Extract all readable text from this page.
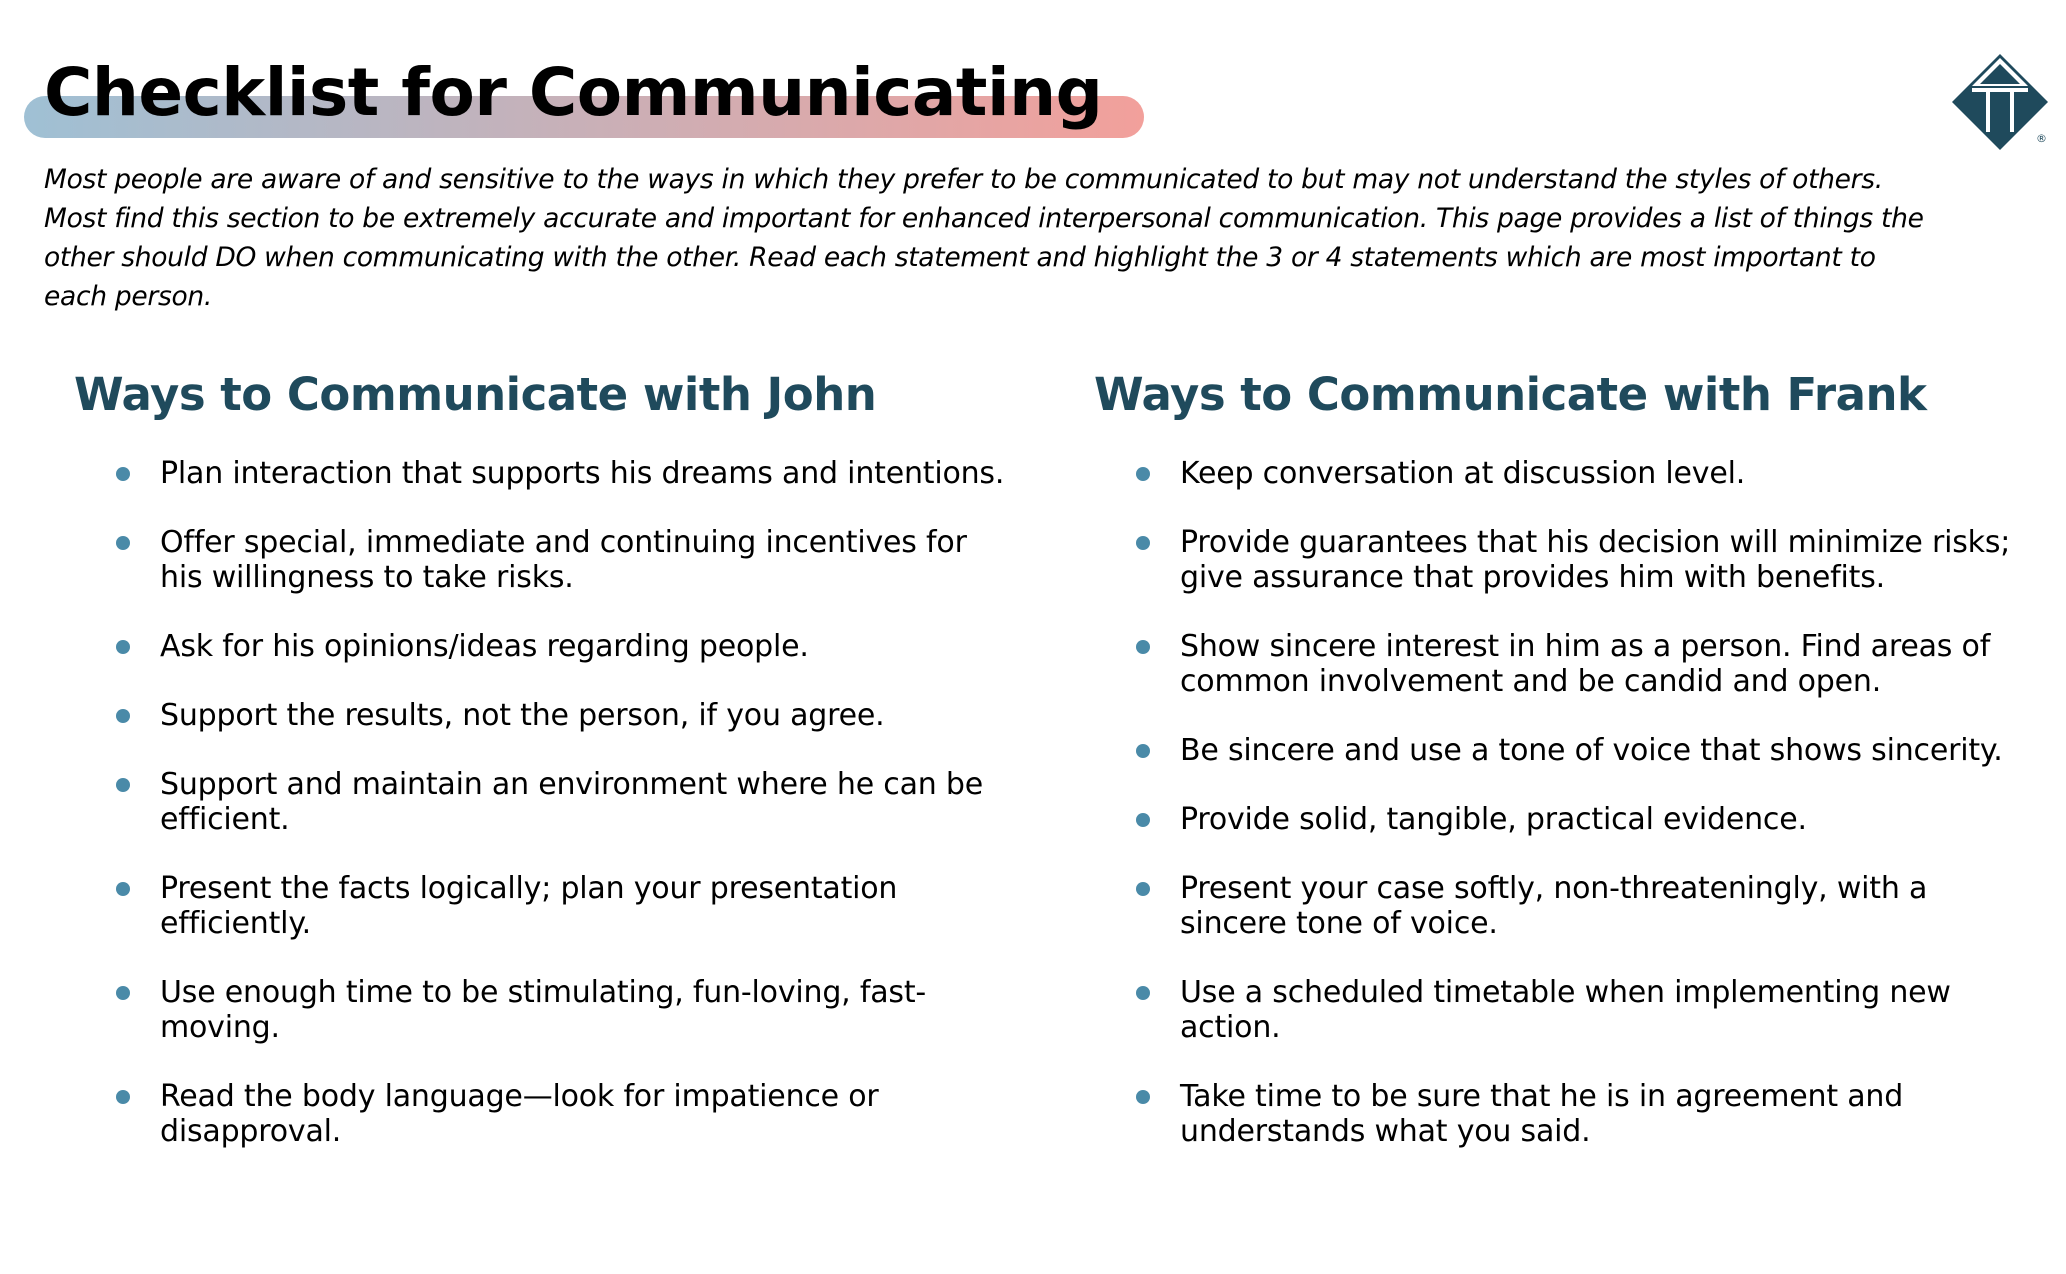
Checklist for Communicating
®

Most people are aware of and sensitive to the ways in which they prefer to be communicated to but may not understand the styles of others. Most find this section to be extremely accurate and important for enhanced interpersonal communication. This page provides a list of things the other should DO when communicating with the other. Read each statement and highlight the 3 or 4 statements which are most important to each person.

Ways to Communicate with John
Plan interaction that supports his dreams and intentions.
Offer special, immediate and continuing incentives for his willingness to take risks.
Ask for his opinions/ideas regarding people.
Support the results, not the person, if you agree.
Support and maintain an environment where he can be efficient.
Present the facts logically; plan your presentation efficiently.
Use enough time to be stimulating, fun-loving, fast-moving.
Read the body language—look for impatience or disapproval.
Ways to Communicate with Frank
Keep conversation at discussion level.
Provide guarantees that his decision will minimize risks; give assurance that provides him with benefits.
Show sincere interest in him as a person. Find areas of common involvement and be candid and open.
Be sincere and use a tone of voice that shows sincerity.
Provide solid, tangible, practical evidence.
Present your case softly, non-threateningly, with a sincere tone of voice.
Use a scheduled timetable when implementing new action.
Take time to be sure that he is in agreement and understands what you said.
